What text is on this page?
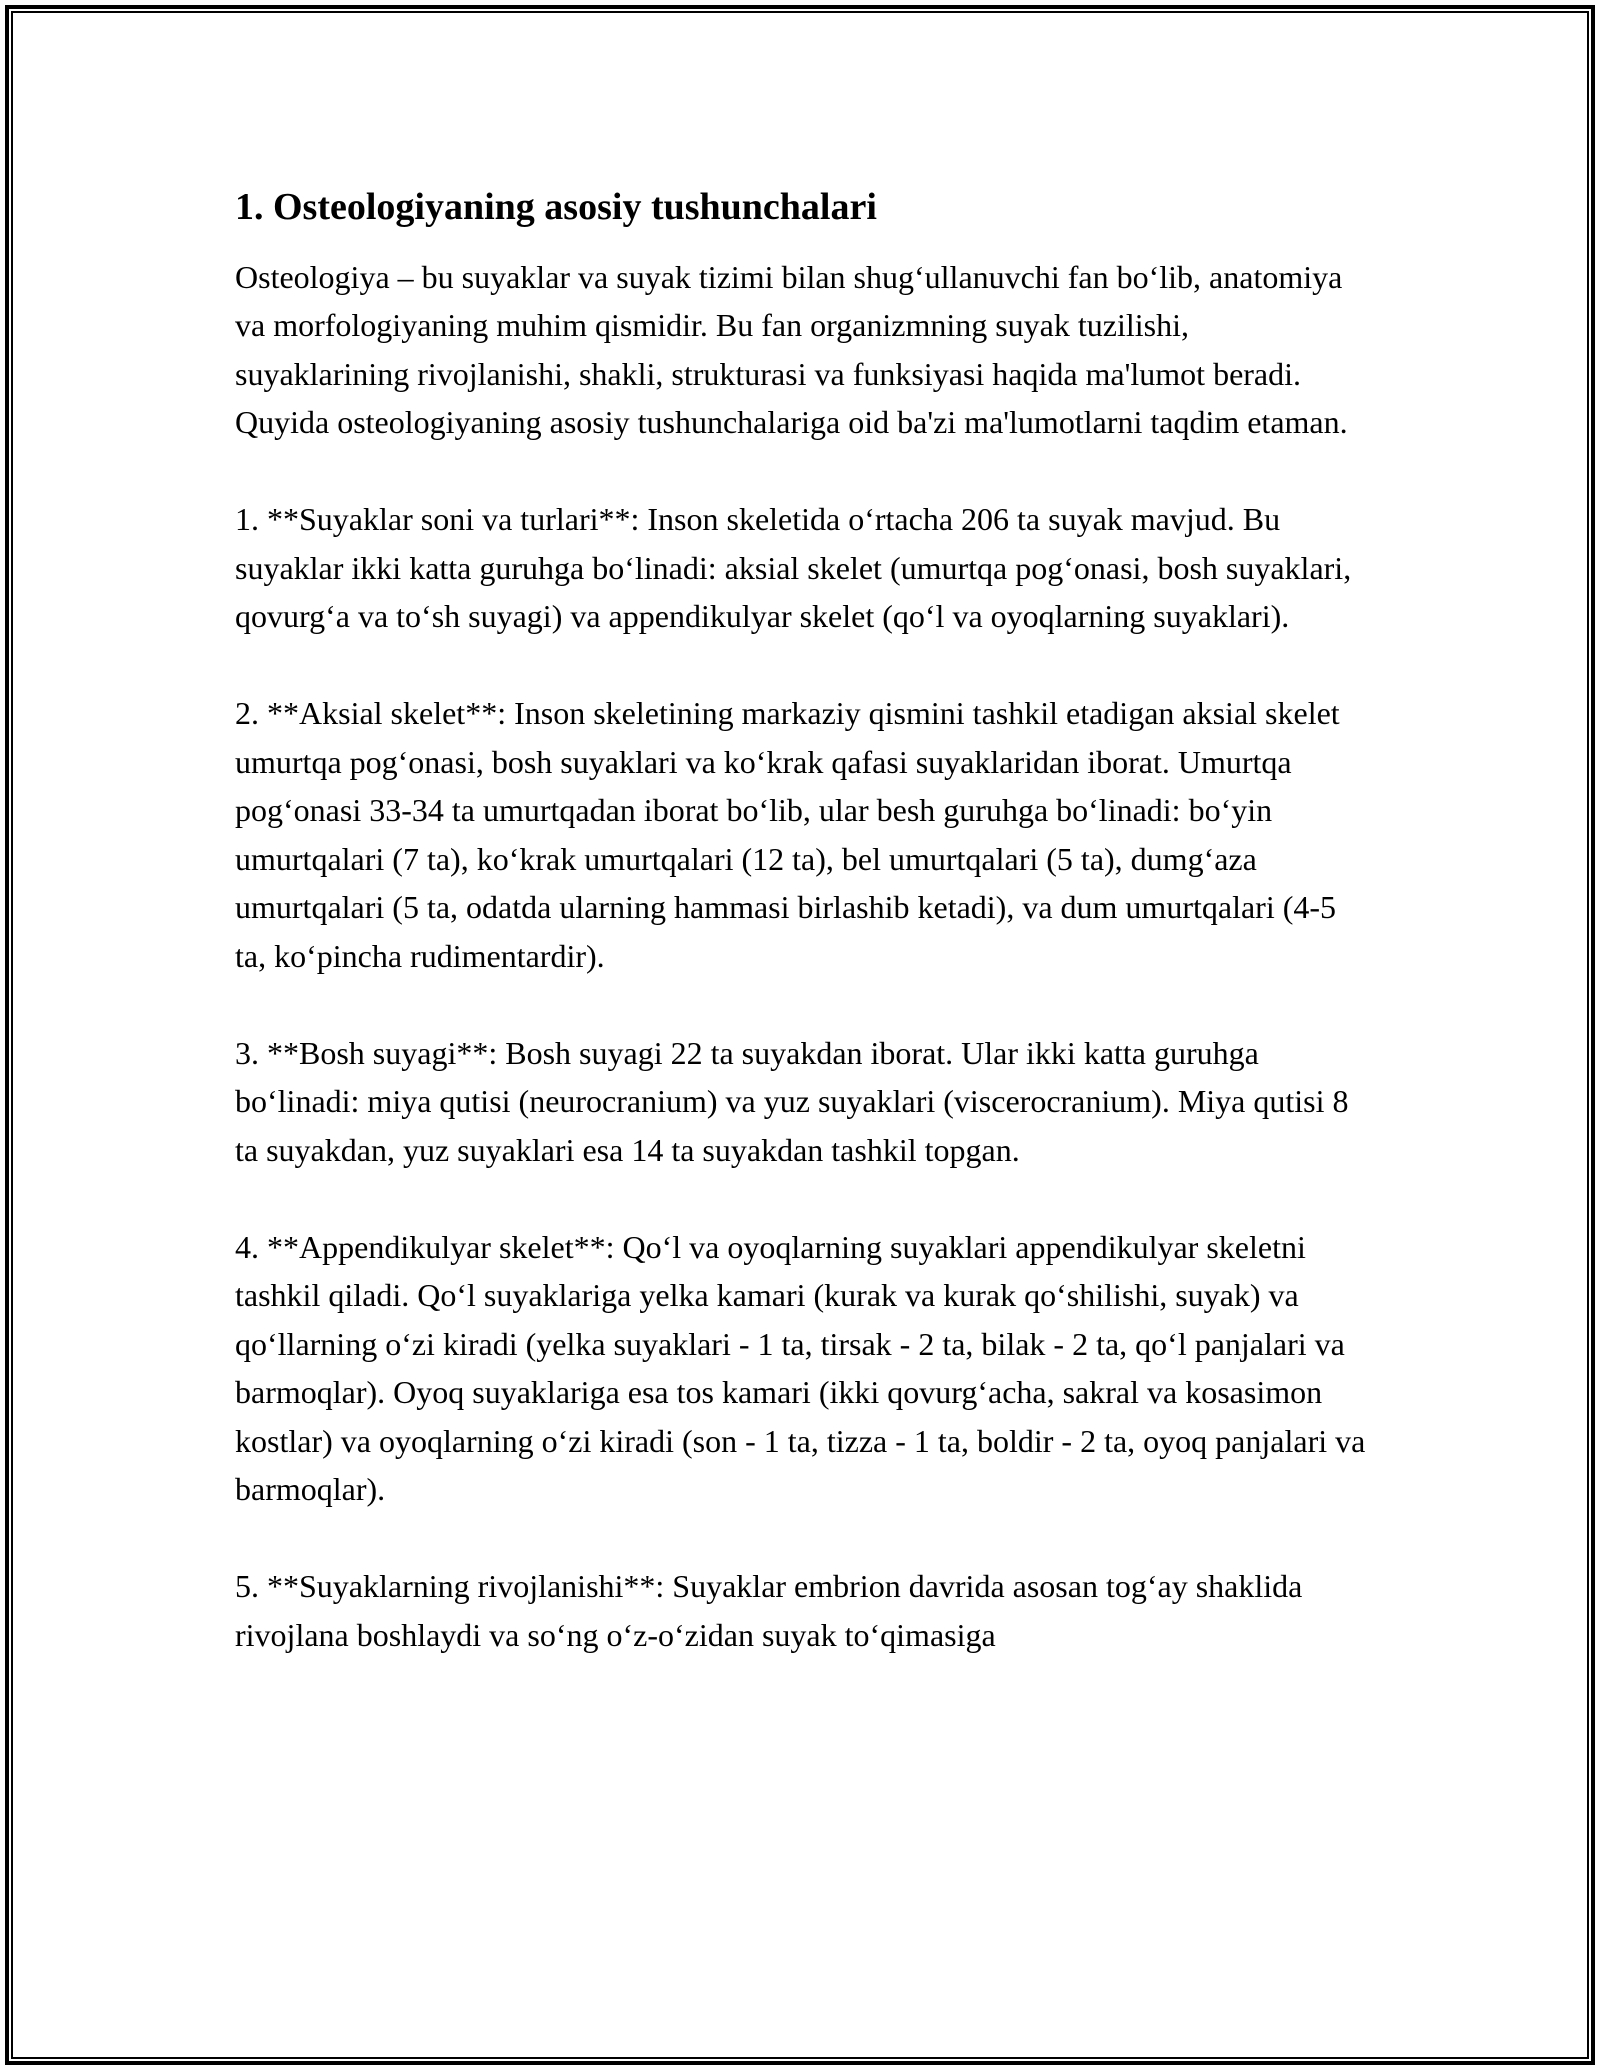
1. Osteologiyaning asosiy tushunchalari

Osteologiya – bu suyaklar va suyak tizimi bilan shug‘ullanuvchi fan bo‘lib, anatomiya va morfologiyaning muhim qismidir. Bu fan organizmning suyak tuzilishi, suyaklarining rivojlanishi, shakli, strukturasi va funksiyasi haqida ma'lumot beradi. Quyida osteologiyaning asosiy tushunchalariga oid ba'zi ma'lumotlarni taqdim etaman.

1. **Suyaklar soni va turlari**: Inson skeletida o‘rtacha 206 ta suyak mavjud. Bu suyaklar ikki katta guruhga bo‘linadi: aksial skelet (umurtqa pog‘onasi, bosh suyaklari, qovurg‘a va to‘sh suyagi) va appendikulyar skelet (qo‘l va oyoqlarning suyaklari).

2. **Aksial skelet**: Inson skeletining markaziy qismini tashkil etadigan aksial skelet umurtqa pog‘onasi, bosh suyaklari va ko‘krak qafasi suyaklaridan iborat. Umurtqa pog‘onasi 33-34 ta umurtqadan iborat bo‘lib, ular besh guruhga bo‘linadi: bo‘yin umurtqalari (7 ta), ko‘krak umurtqalari (12 ta), bel umurtqalari (5 ta), dumg‘aza umurtqalari (5 ta, odatda ularning hammasi birlashib ketadi), va dum umurtqalari (4-5 ta, ko‘pincha rudimentardir).

3. **Bosh suyagi**: Bosh suyagi 22 ta suyakdan iborat. Ular ikki katta guruhga bo‘linadi: miya qutisi (neurocranium) va yuz suyaklari (viscerocranium). Miya qutisi 8 ta suyakdan, yuz suyaklari esa 14 ta suyakdan tashkil topgan.

4. **Appendikulyar skelet**: Qo‘l va oyoqlarning suyaklari appendikulyar skeletni tashkil qiladi. Qo‘l suyaklariga yelka kamari (kurak va kurak qo‘shilishi, suyak) va qo‘llarning o‘zi kiradi (yelka suyaklari - 1 ta, tirsak - 2 ta, bilak - 2 ta, qo‘l panjalari va barmoqlar). Oyoq suyaklariga esa tos kamari (ikki qovurg‘acha, sakral va kosasimon kostlar) va oyoqlarning o‘zi kiradi (son - 1 ta, tizza - 1 ta, boldir - 2 ta, oyoq panjalari va barmoqlar).

5. **Suyaklarning rivojlanishi**: Suyaklar embrion davrida asosan tog‘ay shaklida rivojlana boshlaydi va so‘ng o‘z-o‘zidan suyak to‘qimasiga
